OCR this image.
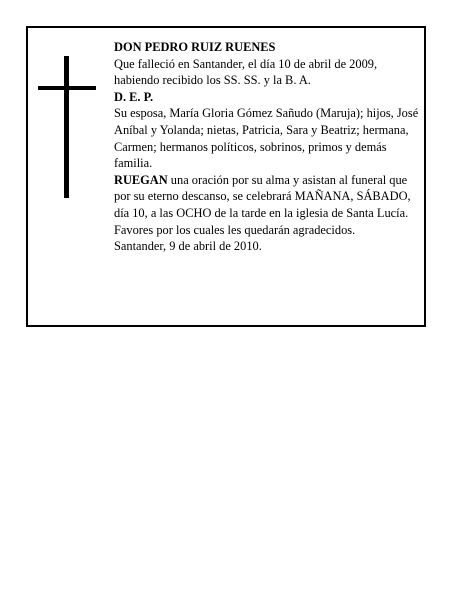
DON PEDRO RUIZ RUENES

Que falleció en Santander, el día 10 de abril de 2009, habiendo recibido los SS. SS. y la B. A.

D. E. P.

Su esposa, María Gloria Gómez Sañudo (Maruja); hijos, José Aníbal y Yolanda; nietas, Patricia, Sara y Beatriz; hermana, Carmen; hermanos políticos, sobrinos, primos y demás familia.

RUEGAN una oración por su alma y asistan al funeral que por su eterno descanso, se celebrará MAÑANA, SÁBADO, día 10, a las OCHO de la tarde en la iglesia de Santa Lucía. Favores por los cuales les quedarán agradecidos.

Santander, 9 de abril de 2010.
